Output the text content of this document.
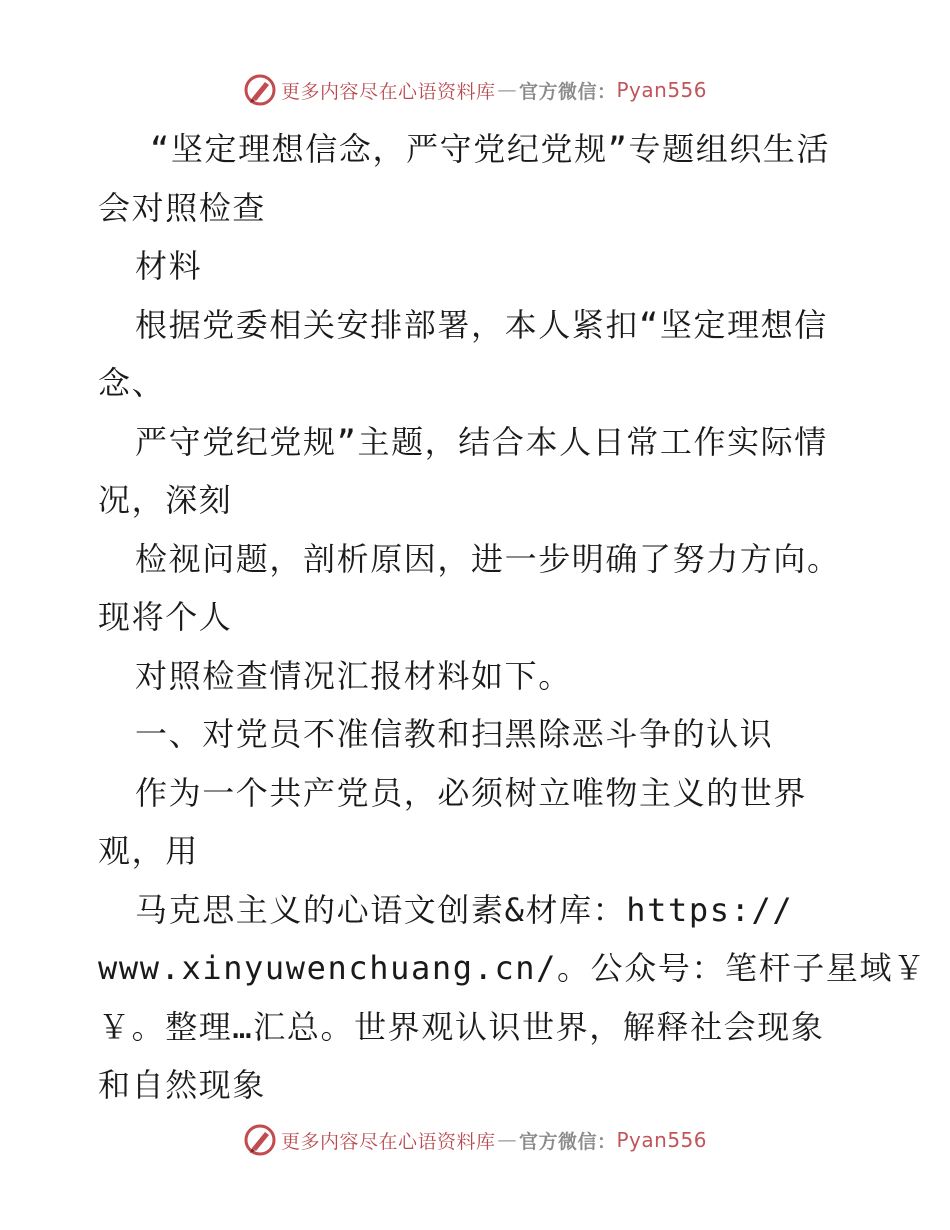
更多内容尽在心语资料库 — 官方微信： Pyan556
“坚定理想信念，严守党纪党规”专题组织生活
会对照检查
材料
根据党委相关安排部署，本人紧扣“坚定理想信
念、
严守党纪党规”主题，结合本人日常工作实际情
况，深刻
检视问题，剖析原因，进一步明确了努力方向。
现将个人
对照检查情况汇报材料如下。
一、对党员不准信教和扫黑除恶斗争的认识
作为一个共产党员，必须树立唯物主义的世界
观，用
马克思主义的心语文创素&材库：https://
www.xinyuwenchuang.cn/。公众号：笔杆子星域￥
￥。整理…汇总。世界观认识世界，解释社会现象
和自然现象
更多内容尽在心语资料库 — 官方微信： Pyan556
